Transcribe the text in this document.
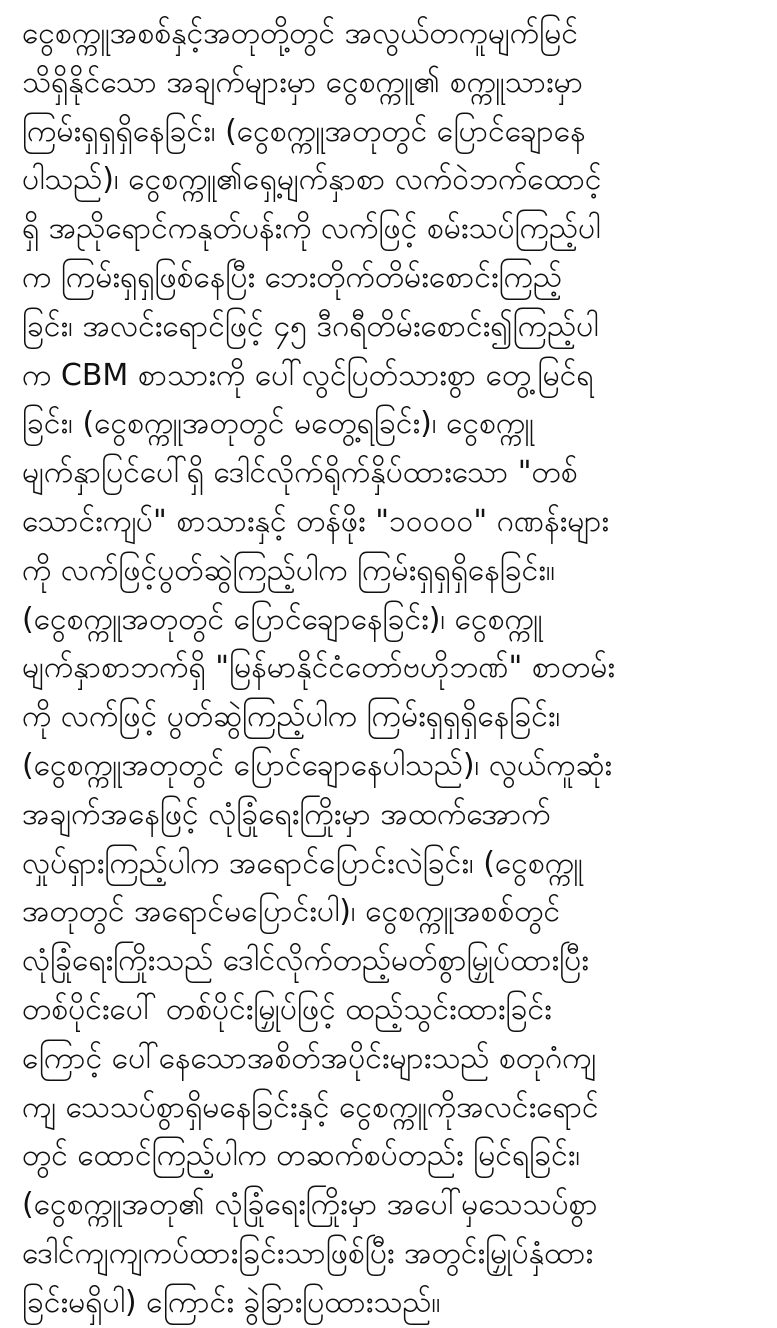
ငွေစက္ကူအစစ်နှင့်အတုတို့တွင် အလွယ်တကူမျက်မြင်
သိရှိနိုင်သော အချက်များမှာ ငွေစက္ကူ၏ စက္ကူသားမှာ
ကြမ်းရှရှရှိနေခြင်း၊ (ငွေစက္ကူအတုတွင် ပြောင်ချောနေ
ပါသည်)၊ ငွေစက္ကူ၏ရှေ့မျက်နှာစာ လက်ဝဲဘက်ထောင့်
ရှိ အညိုရောင်ကနုတ်ပန်းကို လက်ဖြင့် စမ်းသပ်ကြည့်ပါ
က ကြမ်းရှရှဖြစ်နေပြီး ဘေးတိုက်တိမ်းစောင်းကြည့်
ခြင်း၊ အလင်းရောင်ဖြင့် ၄၅ ဒီဂရီတိမ်းစောင်း၍ကြည့်ပါ
က CBM စာသားကို ပေါ်လွင်ပြတ်သားစွာ တွေ့မြင်ရ
ခြင်း၊ (ငွေစက္ကူအတုတွင် မတွေ့ရခြင်း)၊ ငွေစက္ကူ
မျက်နှာပြင်ပေါ်ရှိ ဒေါင်လိုက်ရိုက်နှိပ်ထားသော "တစ်
သောင်းကျပ်" စာသားနှင့် တန်ဖိုး "၁၀၀၀၀" ဂဏန်းများ
ကို လက်ဖြင့်ပွတ်ဆွဲကြည့်ပါက ကြမ်းရှရှရှိနေခြင်း။
(ငွေစက္ကူအတုတွင် ပြောင်ချောနေခြင်း)၊ ငွေစက္ကူ
မျက်နှာစာဘက်ရှိ "မြန်မာနိုင်ငံတော်ဗဟိုဘဏ်" စာတမ်း
ကို လက်ဖြင့် ပွတ်ဆွဲကြည့်ပါက ကြမ်းရှရှရှိနေခြင်း၊
(ငွေစက္ကူအတုတွင် ပြောင်ချောနေပါသည်)၊ လွယ်ကူဆုံး
အချက်အနေဖြင့် လုံခြုံရေးကြိုးမှာ အထက်အောက်
လှုပ်ရှားကြည့်ပါက အရောင်ပြောင်းလဲခြင်း၊ (ငွေစက္ကူ
အတုတွင် အရောင်မပြောင်းပါ)၊ ငွေစက္ကူအစစ်တွင်
လုံခြုံရေးကြိုးသည် ဒေါင်လိုက်တည့်မတ်စွာမြှုပ်ထားပြီး
တစ်ပိုင်းပေါ် တစ်ပိုင်းမြှုပ်ဖြင့် ထည့်သွင်းထားခြင်း
ကြောင့် ပေါ်နေသောအစိတ်အပိုင်းများသည် စတုဂံကျ
ကျ သေသပ်စွာရှိမနေခြင်းနှင့် ငွေစက္ကူကိုအလင်းရောင်
တွင် ထောင်ကြည့်ပါက တဆက်စပ်တည်း မြင်ရခြင်း၊
(ငွေစက္ကူအတု၏ လုံခြုံရေးကြိုးမှာ အပေါ်မှသေသပ်စွာ
ဒေါင်ကျကျကပ်ထားခြင်းသာဖြစ်ပြီး အတွင်းမြှုပ်နှံထား
ခြင်းမရှိပါ) ကြောင်း ခွဲခြားပြထားသည်။
